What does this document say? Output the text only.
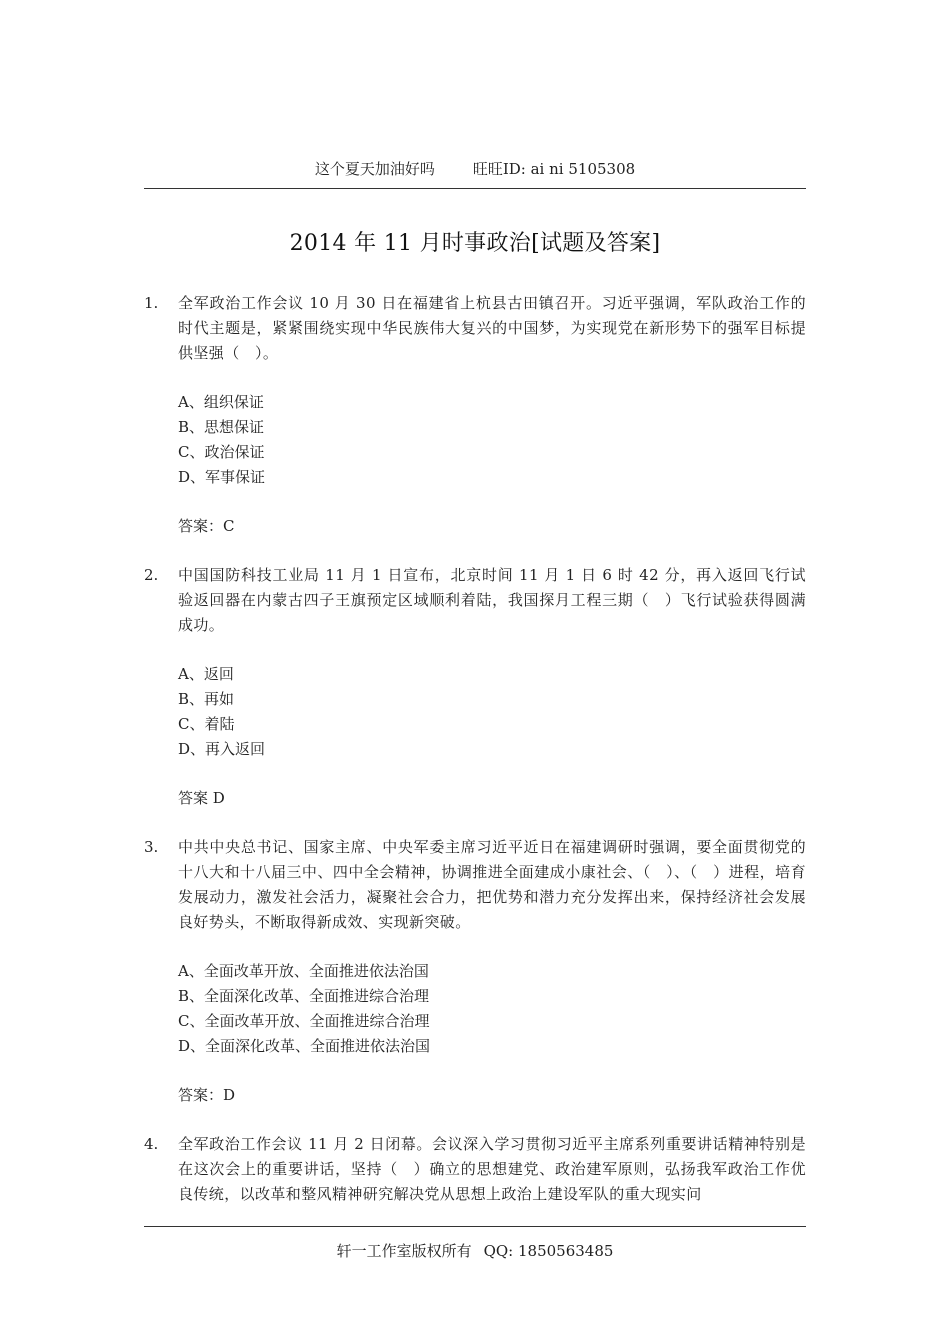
这个夏天加油好吗	旺旺ID: ai ni 5105308
2014 年 11 月时事政治[试题及答案]
1. 全军政治工作会议 10 月 30 日在福建省上杭县古田镇召开。习近平强调，军队政治工作的时代主题是，紧紧围绕实现中华民族伟大复兴的中国梦，为实现党在新形势下的强军目标提供坚强（　）。

A、组织保证
B、思想保证
C、政治保证
D、军事保证
答案：C
2. 中国国防科技工业局 11 月 1 日宣布，北京时间 11 月 1 日 6 时 42 分，再入返回飞行试验返回器在内蒙古四子王旗预定区域顺利着陆，我国探月工程三期（　）飞行试验获得圆满成功。

A、返回
B、再如
C、着陆
D、再入返回
答案 D
3. 中共中央总书记、国家主席、中央军委主席习近平近日在福建调研时强调，要全面贯彻党的十八大和十八届三中、四中全会精神，协调推进全面建成小康社会、（　）、（　）进程，培育发展动力，激发社会活力，凝聚社会合力，把优势和潜力充分发挥出来，保持经济社会发展良好势头，不断取得新成效、实现新突破。

A、全面改革开放、全面推进依法治国
B、全面深化改革、全面推进综合治理
C、全面改革开放、全面推进综合治理
D、全面深化改革、全面推进依法治国
答案：D
4. 全军政治工作会议 11 月 2 日闭幕。会议深入学习贯彻习近平主席系列重要讲话精神特别是在这次会上的重要讲话，坚持（　）确立的思想建党、政治建军原则，弘扬我军政治工作优良传统，以改革和整风精神研究解决党从思想上政治上建设军队的重大现实问

轩一工作室版权所有 QQ: 1850563485
